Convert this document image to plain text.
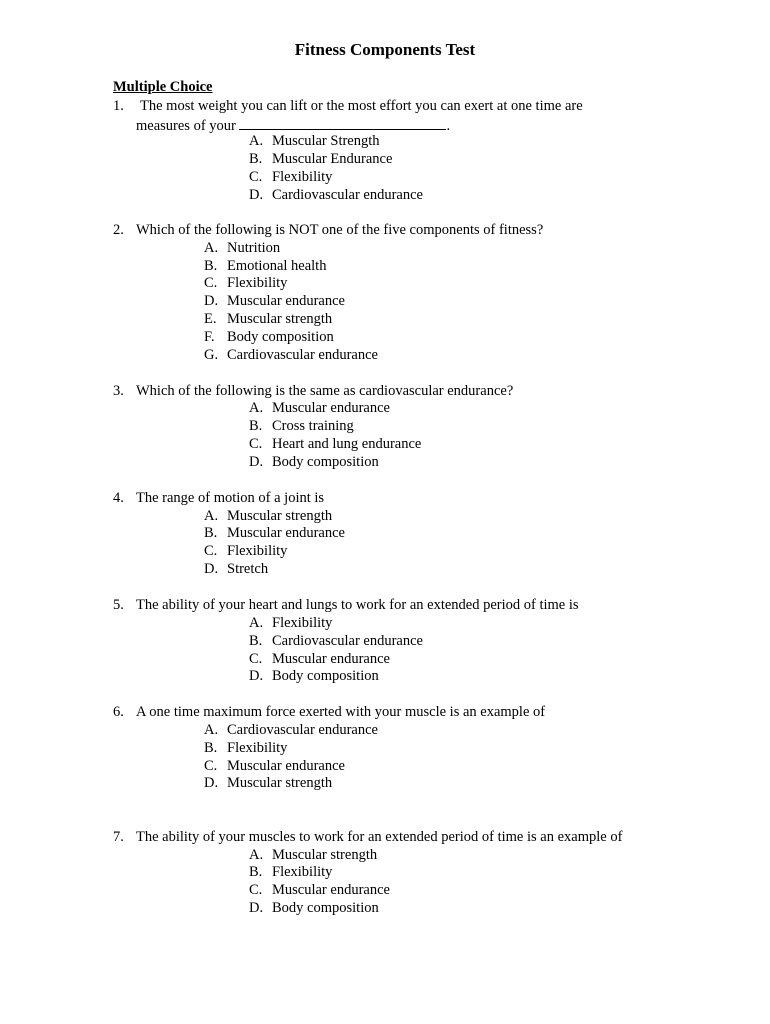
Fitness Components Test
Multiple Choice
1. The most weight you can lift or the most effort you can exert at one time are
measures of your	.
A. Muscular Strength
B. Muscular Endurance
C. Flexibility
D. Cardiovascular endurance
2. Which of the following is NOT one of the five components of fitness?
A. Nutrition
B. Emotional health
C. Flexibility
D. Muscular endurance
E. Muscular strength
F. Body composition
G. Cardiovascular endurance
3. Which of the following is the same as cardiovascular endurance?
A. Muscular endurance
B. Cross training
C. Heart and lung endurance
D. Body composition
4. The range of motion of a joint is
A. Muscular strength
B. Muscular endurance
C. Flexibility
D. Stretch
5. The ability of your heart and lungs to work for an extended period of time is
A. Flexibility
B. Cardiovascular endurance
C. Muscular endurance
D. Body composition
6. A one time maximum force exerted with your muscle is an example of
A. Cardiovascular endurance
B. Flexibility
C. Muscular endurance
D. Muscular strength
7. The ability of your muscles to work for an extended period of time is an example of
A. Muscular strength
B. Flexibility
C. Muscular endurance
D. Body composition
